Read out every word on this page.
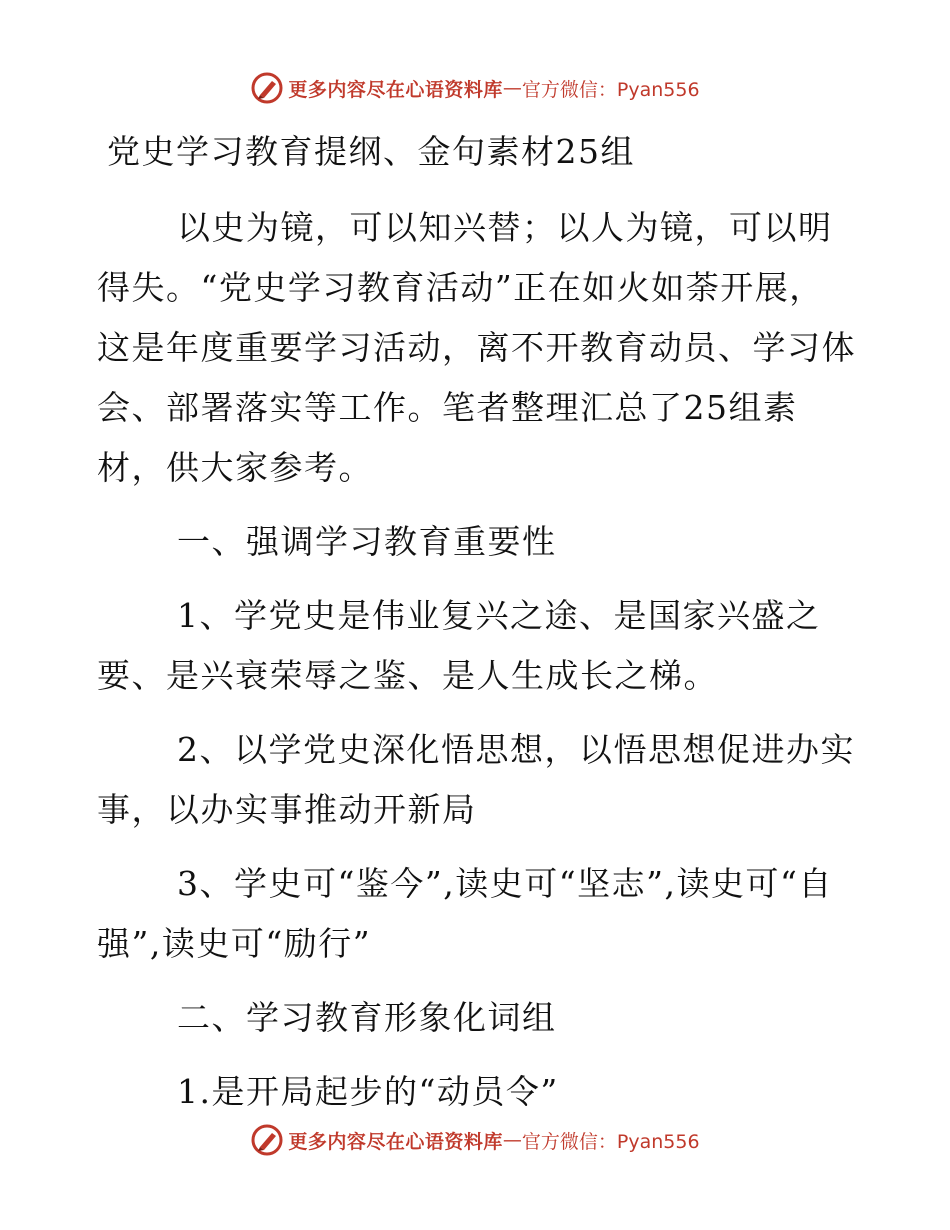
更多内容尽在心语资料库 — 官方微信：Pyan556

党史学习教育提纲、金句素材25组

以史为镜，可以知兴替；以人为镜，可以明得失。“党史学习教育活动”正在如火如荼开展，这是年度重要学习活动，离不开教育动员、学习体会、部署落实等工作。笔者整理汇总了25组素材，供大家参考。

一、强调学习教育重要性

1、学党史是伟业复兴之途、是国家兴盛之要、是兴衰荣辱之鉴、是人生成长之梯。

2、以学党史深化悟思想，以悟思想促进办实事，以办实事推动开新局

3、学史可“鉴今”,读史可“坚志”,读史可“自强”,读史可“励行”

二、学习教育形象化词组

1.是开局起步的“动员令”

更多内容尽在心语资料库 — 官方微信：Pyan556
